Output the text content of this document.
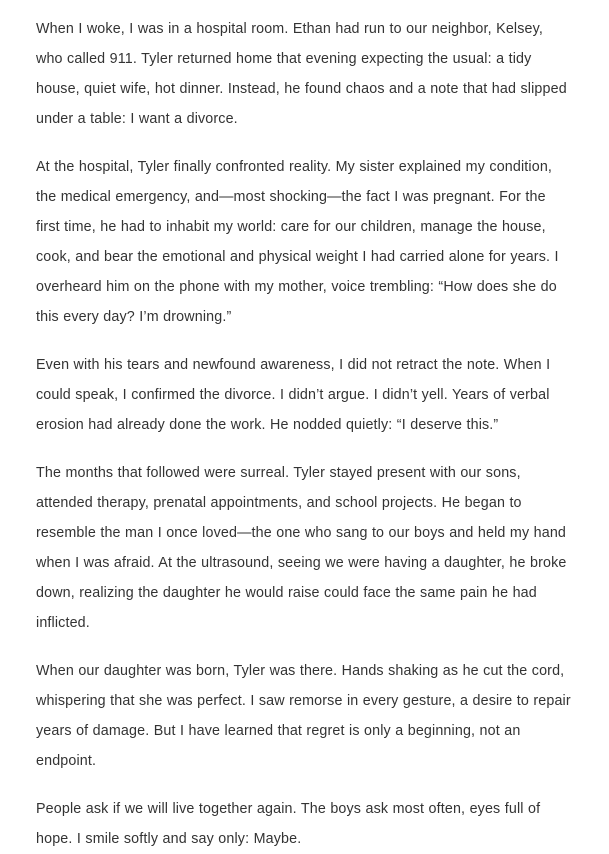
When I woke, I was in a hospital room. Ethan had run to our neighbor, Kelsey, who called 911. Tyler returned home that evening expecting the usual: a tidy house, quiet wife, hot dinner. Instead, he found chaos and a note that had slipped under a table: I want a divorce.

At the hospital, Tyler finally confronted reality. My sister explained my condition, the medical emergency, and—most shocking—the fact I was pregnant. For the first time, he had to inhabit my world: care for our children, manage the house, cook, and bear the emotional and physical weight I had carried alone for years. I overheard him on the phone with my mother, voice trembling: “How does she do this every day? I’m drowning.”

Even with his tears and newfound awareness, I did not retract the note. When I could speak, I confirmed the divorce. I didn’t argue. I didn’t yell. Years of verbal erosion had already done the work. He nodded quietly: “I deserve this.”

The months that followed were surreal. Tyler stayed present with our sons, attended therapy, prenatal appointments, and school projects. He began to resemble the man I once loved—the one who sang to our boys and held my hand when I was afraid. At the ultrasound, seeing we were having a daughter, he broke down, realizing the daughter he would raise could face the same pain he had inflicted.

When our daughter was born, Tyler was there. Hands shaking as he cut the cord, whispering that she was perfect. I saw remorse in every gesture, a desire to repair years of damage. But I have learned that regret is only a beginning, not an endpoint.

People ask if we will live together again. The boys ask most often, eyes full of hope. I smile softly and say only: Maybe.
